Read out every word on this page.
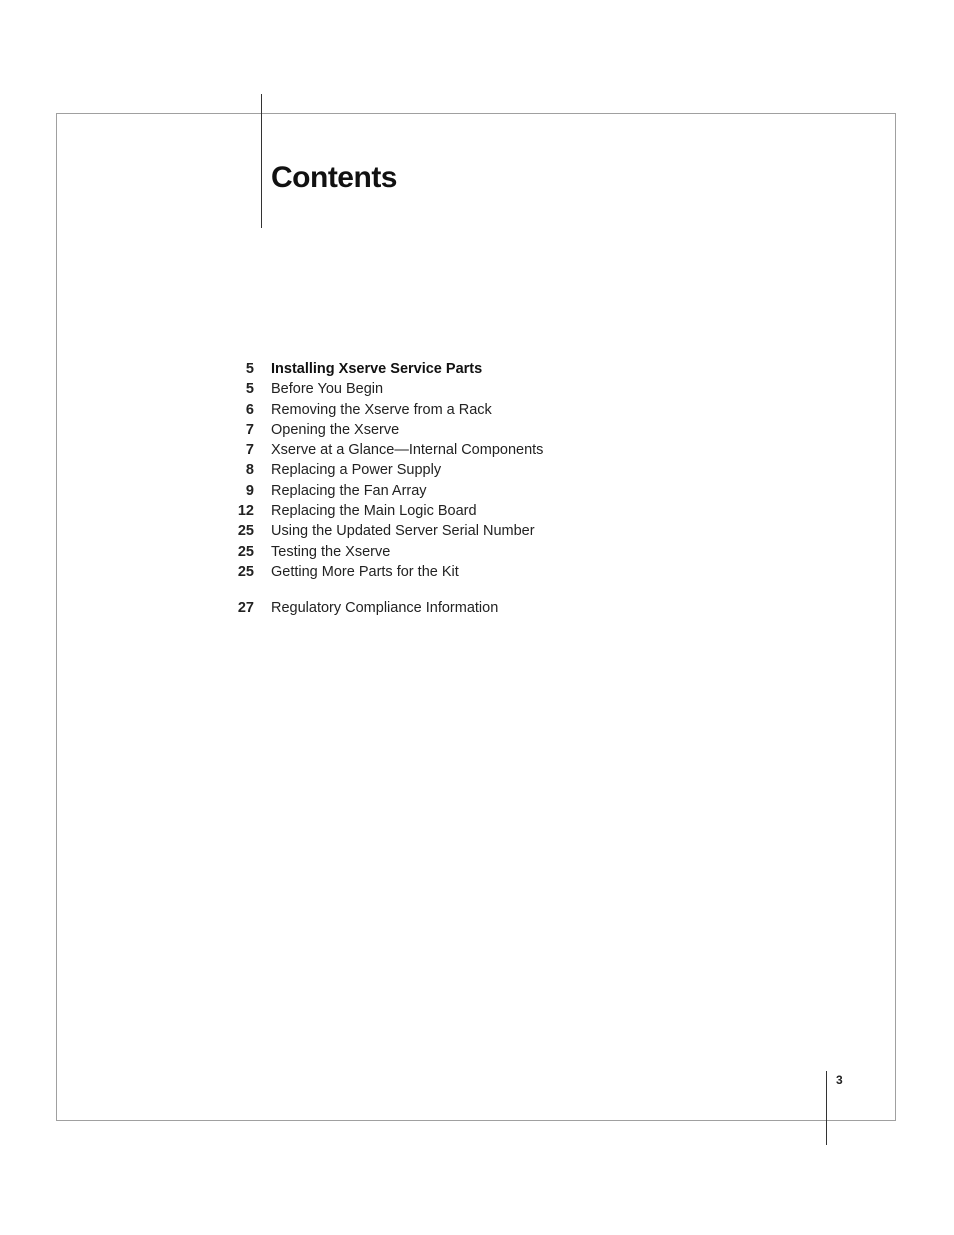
Contents
5 Installing Xserve Service Parts
5 Before You Begin
6 Removing the Xserve from a Rack
7 Opening the Xserve
7 Xserve at a Glance—Internal Components
8 Replacing a Power Supply
9 Replacing the Fan Array
12 Replacing the Main Logic Board
25 Using the Updated Server Serial Number
25 Testing the Xserve
25 Getting More Parts for the Kit
27 Regulatory Compliance Information
3
